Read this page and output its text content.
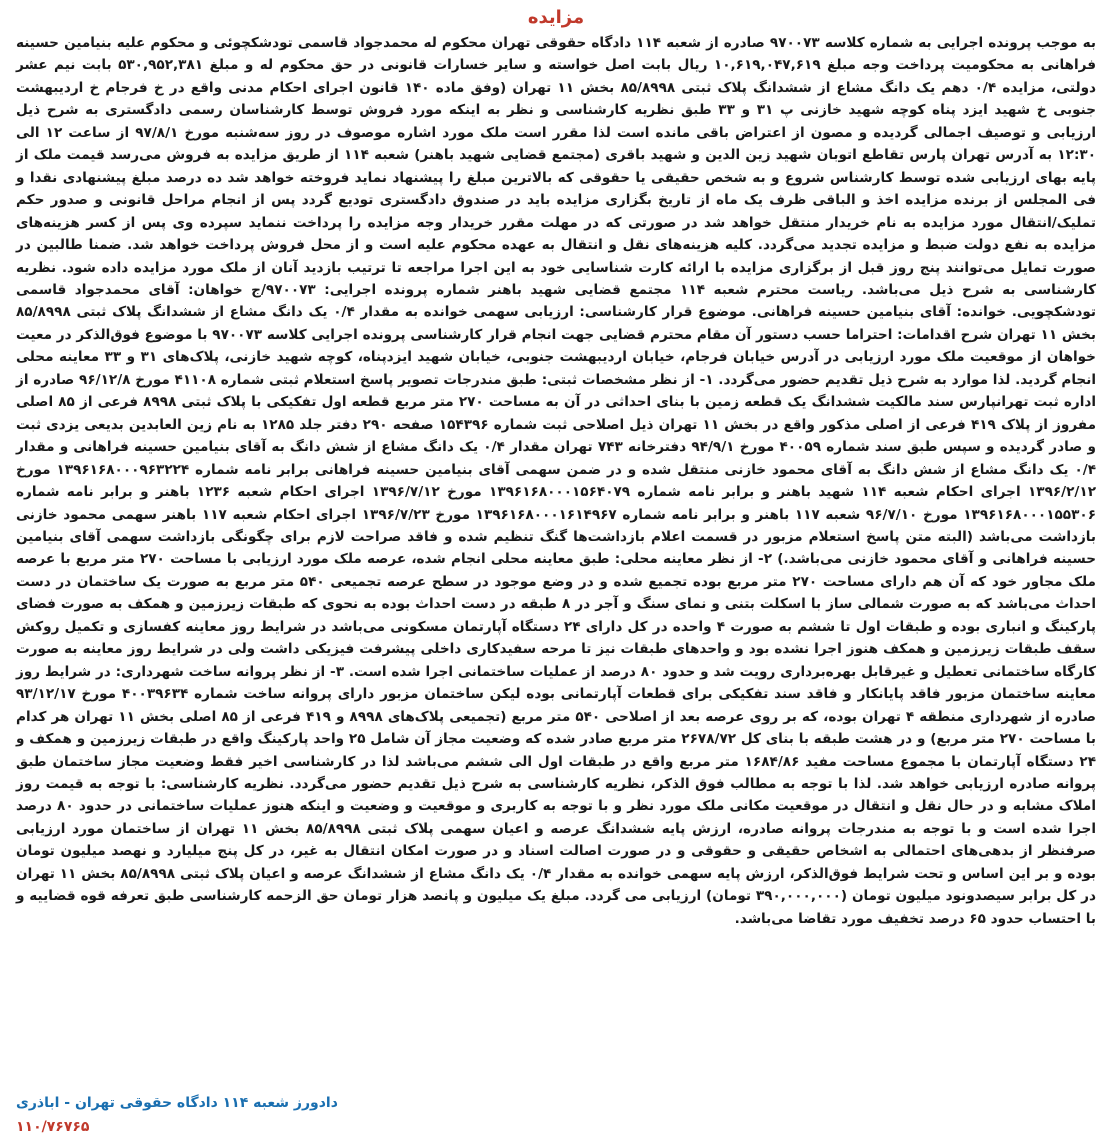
مزایده

به موجب پرونده اجرایی به شماره کلاسه ۹۷۰۰۷۳ صادره از شعبه ۱۱۴ دادگاه حقوقی تهران محکوم له محمدجواد قاسمی تودشکچوئی و محکوم علیه بنیامین حسینه فراهانی به محکومیت پرداخت وجه مبلغ ۱۰,۶۱۹,۰۴۷,۶۱۹ ریال بابت اصل خواسته و سایر خسارات قانونی در حق محکوم له و مبلغ ۵۳۰,۹۵۲,۳۸۱ بابت نیم عشر دولتی، مزایده ۰/۴ دهم یک دانگ مشاع از ششدانگ پلاک ثبتی ۸۵/۸۹۹۸ بخش ۱۱ تهران (وفق ماده ۱۴۰ قانون اجرای احکام مدنی واقع در خ فرجام خ اردیبهشت جنوبی خ شهید ایزد پناه کوچه شهید خازنی پ ۳۱ و ۳۳ طبق نظریه کارشناسی و نظر به اینکه مورد فروش توسط کارشناسان رسمی دادگستری به شرح ذیل ارزیابی و توصیف اجمالی گردیده و مصون از اعتراض باقی مانده است لذا مقرر است ملک مورد اشاره موصوف در روز سه‌شنبه مورخ ۹۷/۸/۱ از ساعت ۱۲ الی ۱۲:۳۰ به آدرس تهران پارس تقاطع اتوبان شهید زین الدین و شهید باقری (مجتمع قضایی شهید باهنر) شعبه ۱۱۴ از طریق مزایده به فروش می‌رسد قیمت ملک از پایه بهای ارزیابی شده توسط کارشناس شروع و به شخص حقیقی یا حقوقی که بالاترین مبلغ را پیشنهاد نماید فروخته خواهد شد ده درصد مبلغ پیشنهادی نقدا و فی المجلس از برنده مزایده اخذ و الباقی ظرف یک ماه از تاریخ بگزاری مزایده باید در صندوق دادگستری تودیع گردد پس از انجام مراحل قانونی و صدور حکم تملیک/انتقال مورد مزایده به نام خریدار منتقل خواهد شد در صورتی که در مهلت مقرر خریدار وجه مزایده را پرداخت ننماید سپرده وی پس از کسر هزینه‌های مزایده به نفع دولت ضبط و مزایده تجدید می‌گردد. کلیه هزینه‌های نقل و انتقال به عهده محکوم علیه است و از محل فروش پرداخت خواهد شد. ضمنا طالبین در صورت تمایل می‌توانند پنج روز قبل از برگزاری مزایده با ارائه کارت شناسایی خود به این اجرا مراجعه تا ترتیب بازدید آنان از ملک مورد مزایده داده شود. نظریه کارشناسی به شرح ذیل می‌باشد. ریاست محترم شعبه ۱۱۴ مجتمع قضایی شهید باهنر شماره پرونده اجرایی: ۹۷۰۰۷۳/ج خواهان: آقای محمدجواد قاسمی تودشکچویی. خوانده: آقای بنیامین حسینه فراهانی. موضوع قرار کارشناسی: ارزیابی سهمی خوانده به مقدار ۰/۴ یک دانگ مشاع از ششدانگ پلاک ثبتی ۸۵/۸۹۹۸ بخش ۱۱ تهران شرح اقدامات: احتراما حسب دستور آن مقام محترم قضایی جهت انجام قرار کارشناسی پرونده اجرایی کلاسه ۹۷۰۰۷۳ با موضوع فوق‌الذکر در معیت خواهان از موقعیت ملک مورد ارزیابی در آدرس خیابان فرجام، خیابان اردیبهشت جنوبی، خیابان شهید ایزدپناه، کوچه شهید خازنی، پلاک‌های ۳۱ و ۳۳ معاینه محلی انجام گردید. لذا موارد به شرح ذیل تقدیم حضور می‌گردد. ۱- از نظر مشخصات ثبتی: طبق مندرجات تصویر پاسخ استعلام ثبتی شماره ۴۱۱۰۸ مورخ ۹۶/۱۲/۸ صادره از اداره ثبت تهرانپارس سند مالکیت ششدانگ یک قطعه زمین با بنای احداثی در آن به مساحت ۲۷۰ متر مربع قطعه اول تفکیکی با پلاک ثبتی ۸۹۹۸ فرعی از ۸۵ اصلی مفروز از پلاک ۴۱۹ فرعی از اصلی مذکور واقع در بخش ۱۱ تهران ذیل اصلاحی ثبت شماره ۱۵۴۳۹۶ صفحه ۲۹۰ دفتر جلد ۱۲۸۵ به نام زین العابدین بدیعی یزدی ثبت و صادر گردیده و سپس طبق سند شماره ۴۰۰۵۹ مورخ ۹۴/۹/۱ دفترخانه ۷۴۳ تهران مقدار ۰/۴ یک دانگ مشاع از شش دانگ به آقای بنیامین حسینه فراهانی و مقدار ۰/۴ یک دانگ مشاع از شش دانگ به آقای محمود خازنی منتقل شده و در ضمن سهمی آقای بنیامین حسینه فراهانی برابر نامه شماره ۱۳۹۶۱۶۸۰۰۰۹۶۳۲۲۴ مورخ ۱۳۹۶/۲/۱۲ اجرای احکام شعبه ۱۱۴ شهید باهنر و برابر نامه شماره ۱۳۹۶۱۶۸۰۰۰۱۵۶۴۰۷۹ مورخ ۱۳۹۶/۷/۱۲ اجرای احکام شعبه ۱۲۳۶ باهنر و برابر نامه شماره ۱۳۹۶۱۶۸۰۰۰۱۵۵۳۰۶ مورخ ۹۶/۷/۱۰ شعبه ۱۱۷ باهنر و برابر نامه شماره ۱۳۹۶۱۶۸۰۰۰۱۶۱۴۹۶۷ مورخ ۱۳۹۶/۷/۲۳ اجرای احکام شعبه ۱۱۷ باهنر سهمی محمود خازنی بازداشت می‌باشد (البته متن پاسخ استعلام مزبور در قسمت اعلام بازداشت‌ها گنگ تنظیم شده و فاقد صراحت لازم برای چگونگی بازداشت سهمی آقای بنیامین حسینه فراهانی و آقای محمود خازنی می‌باشد.) ۲- از نظر معاینه محلی: طبق معاینه محلی انجام شده، عرصه ملک مورد ارزیابی با مساحت ۲۷۰ متر مربع با عرصه ملک مجاور خود که آن هم دارای مساحت ۲۷۰ متر مربع بوده تجمیع شده و در وضع موجود در سطح عرصه تجمیعی ۵۴۰ متر مربع به صورت یک ساختمان در دست احداث می‌باشد که به صورت شمالی ساز با اسکلت بتنی و نمای سنگ و آجر در ۸ طبقه در دست احداث بوده به نحوی که طبقات زیرزمین و همکف به صورت فضای پارکینگ و انباری بوده و طبقات اول تا ششم به صورت ۴ واحده در کل دارای ۲۴ دستگاه آپارتمان مسکونی می‌باشد در شرایط روز معاینه کفسازی و تکمیل روکش سقف طبقات زیرزمین و همکف هنوز اجرا نشده بود و واحدهای طبقات نیز تا مرحه سفیدکاری داخلی پیشرفت فیزیکی داشت ولی در شرایط روز معاینه به صورت کارگاه ساختمانی تعطیل و غیرقابل بهره‌برداری رویت شد و حدود ۸۰ درصد از عملیات ساختمانی اجرا شده است. ۳- از نظر پروانه ساخت شهرداری: در شرایط روز معاینه ساختمان مزبور فاقد پایانکار و فاقد سند تفکیکی برای قطعات آپارتمانی بوده لیکن ساختمان مزبور دارای پروانه ساخت شماره ۴۰۰۳۹۶۳۴ مورخ ۹۳/۱۲/۱۷ صادره از شهرداری منطقه ۴ تهران بوده، که بر روی عرصه بعد از اصلاحی ۵۴۰ متر مربع (تجمیعی پلاک‌های ۸۹۹۸ و ۴۱۹ فرعی از ۸۵ اصلی بخش ۱۱ تهران هر کدام با مساحت ۲۷۰ متر مربع) و در هشت طبقه با بنای کل ۲۶۷۸/۷۲ متر مربع صادر شده که وضعیت مجاز آن شامل ۲۵ واحد پارکینگ واقع در طبقات زیرزمین و همکف و ۲۴ دستگاه آپارتمان با مجموع مساحت مفید ۱۶۸۴/۸۶ متر مربع واقع در طبقات اول الی ششم می‌باشد لذا در کارشناسی اخیر فقط وضعیت مجاز ساختمان طبق پروانه صادره ارزیابی خواهد شد. لذا با توجه به مطالب فوق الذکر، نظریه کارشناسی به شرح ذیل تقدیم حضور می‌گردد. نظریه کارشناسی: با توجه به قیمت روز املاک مشابه و در حال نقل و انتقال در موقعیت مکانی ملک مورد نظر و با توجه به کاربری و موقعیت و وضعیت و اینکه هنوز عملیات ساختمانی در حدود ۸۰ درصد اجرا شده است و با توجه به مندرجات پروانه صادره، ارزش پایه ششدانگ عرصه و اعیان سهمی پلاک ثبتی ۸۵/۸۹۹۸ بخش ۱۱ تهران از ساختمان مورد ارزیابی صرفنظر از بدهی‌های احتمالی به اشخاص حقیقی و حقوقی و در صورت اصالت اسناد و در صورت امکان انتقال به غیر، در کل پنج میلیارد و نهصد میلیون تومان بوده و بر این اساس و تحت شرایط فوق‌الذکر، ارزش پایه سهمی خوانده به مقدار ۰/۴ یک دانگ مشاع از ششدانگ عرصه و اعیان پلاک ثبتی ۸۵/۸۹۹۸ بخش ۱۱ تهران در کل برابر سیصدونود میلیون تومان (۳۹۰,۰۰۰,۰۰۰ تومان) ارزیابی می گردد. مبلغ یک میلیون و پانصد هزار تومان حق الزحمه کارشناسی طبق تعرفه قوه قضاییه و با احتساب حدود ۶۵ درصد تخفیف مورد تقاضا می‌باشد.

دادورز شعبه ۱۱۴ دادگاه حقوقی تهران - اباذری
۱۱۰/۷۶۷۶۵
